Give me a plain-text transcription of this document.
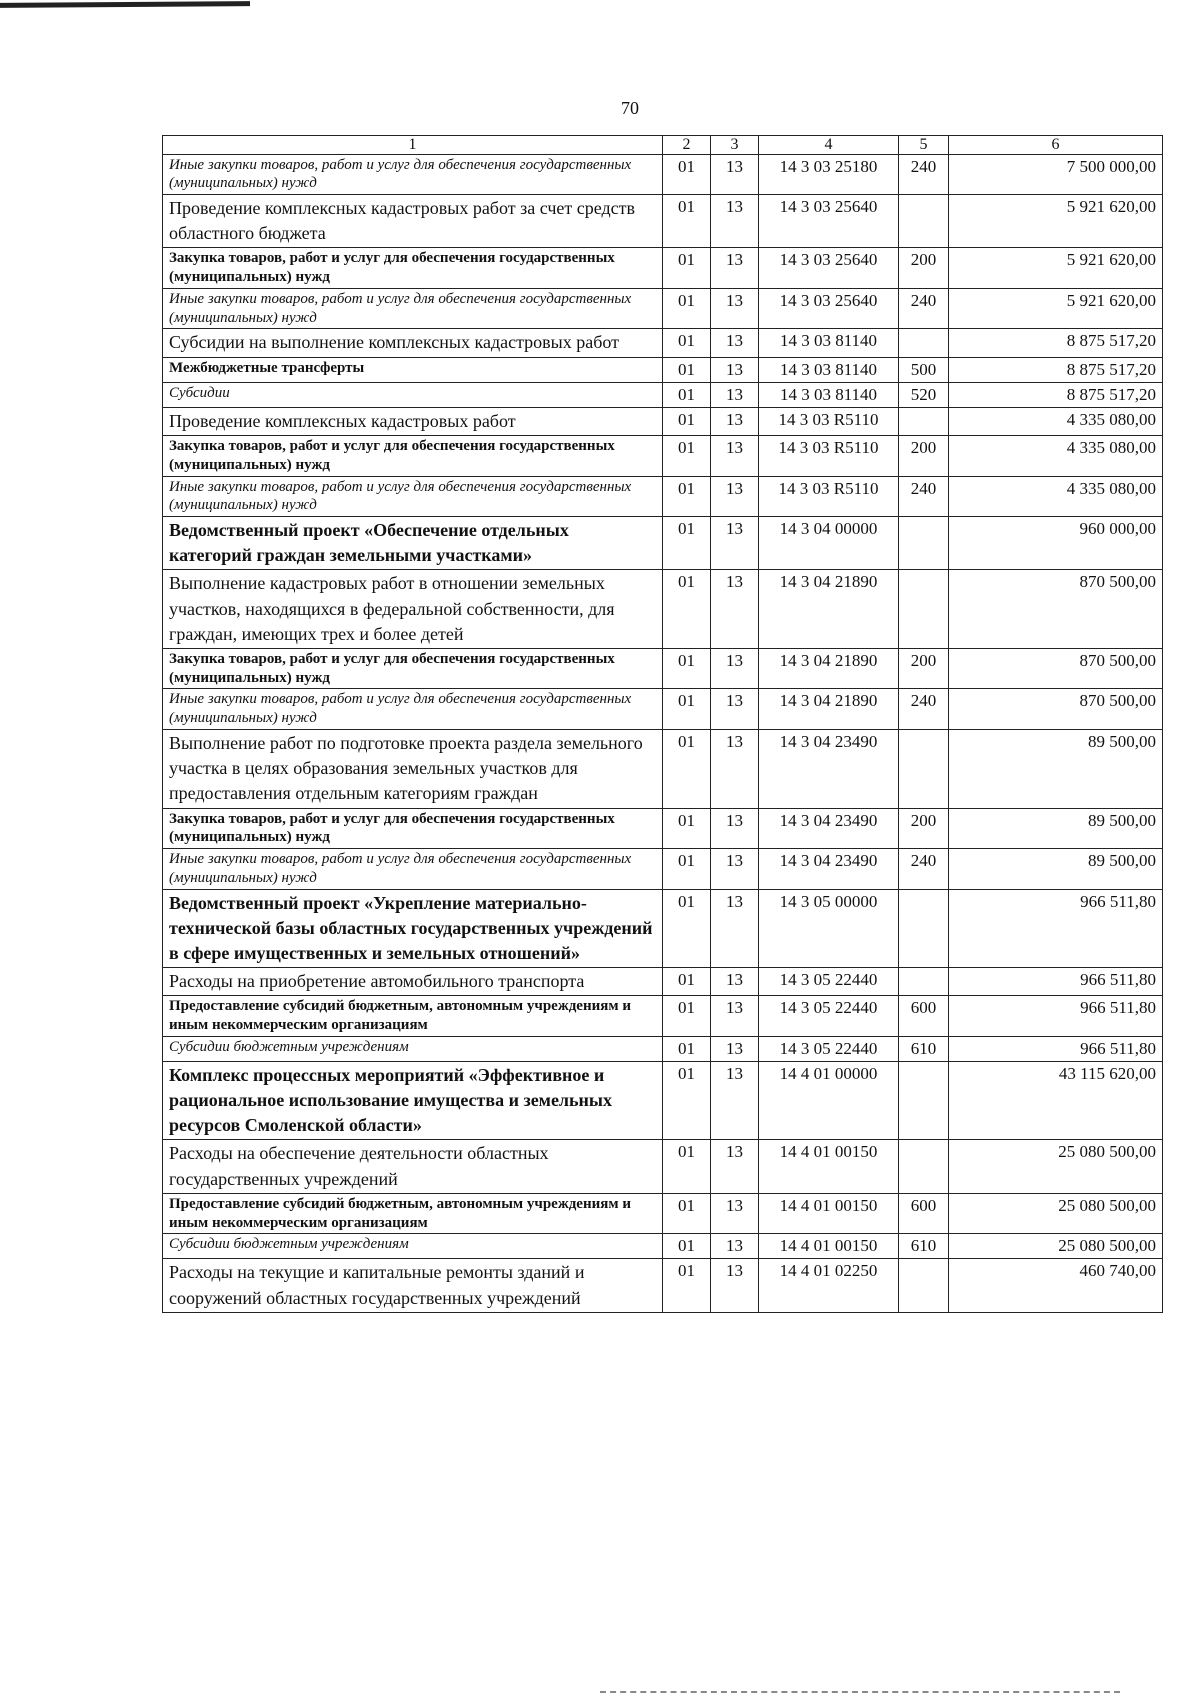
70
1	2	3	4	5	6
Иные закупки товаров, работ и услуг для обеспечения государственных (муниципальных) нужд	01	13	14 3 03 25180	240	7 500 000,00
Проведение комплексных кадастровых работ за счет средств областного бюджета	01	13	14 3 03 25640		5 921 620,00
Закупка товаров, работ и услуг для обеспечения государственных (муниципальных) нужд	01	13	14 3 03 25640	200	5 921 620,00
Иные закупки товаров, работ и услуг для обеспечения государственных (муниципальных) нужд	01	13	14 3 03 25640	240	5 921 620,00
Субсидии на выполнение комплексных кадастровых работ	01	13	14 3 03 81140		8 875 517,20
Межбюджетные трансферты	01	13	14 3 03 81140	500	8 875 517,20
Субсидии	01	13	14 3 03 81140	520	8 875 517,20
Проведение комплексных кадастровых работ	01	13	14 3 03 R5110		4 335 080,00
Закупка товаров, работ и услуг для обеспечения государственных (муниципальных) нужд	01	13	14 3 03 R5110	200	4 335 080,00
Иные закупки товаров, работ и услуг для обеспечения государственных (муниципальных) нужд	01	13	14 3 03 R5110	240	4 335 080,00
Ведомственный проект «Обеспечение отдельных категорий граждан земельными участками»	01	13	14 3 04 00000		960 000,00
Выполнение кадастровых работ в отношении земельных участков, находящихся в федеральной собственности, для граждан, имеющих трех и более детей	01	13	14 3 04 21890		870 500,00
Закупка товаров, работ и услуг для обеспечения государственных (муниципальных) нужд	01	13	14 3 04 21890	200	870 500,00
Иные закупки товаров, работ и услуг для обеспечения государственных (муниципальных) нужд	01	13	14 3 04 21890	240	870 500,00
Выполнение работ по подготовке проекта раздела земельного участка в целях образования земельных участков для предоставления отдельным категориям граждан	01	13	14 3 04 23490		89 500,00
Закупка товаров, работ и услуг для обеспечения государственных (муниципальных) нужд	01	13	14 3 04 23490	200	89 500,00
Иные закупки товаров, работ и услуг для обеспечения государственных (муниципальных) нужд	01	13	14 3 04 23490	240	89 500,00
Ведомственный проект «Укрепление материально-технической базы областных государственных учреждений в сфере имущественных и земельных отношений»	01	13	14 3 05 00000		966 511,80
Расходы на приобретение автомобильного транспорта	01	13	14 3 05 22440		966 511,80
Предоставление субсидий бюджетным, автономным учреждениям и иным некоммерческим организациям	01	13	14 3 05 22440	600	966 511,80
Субсидии бюджетным учреждениям	01	13	14 3 05 22440	610	966 511,80
Комплекс процессных мероприятий «Эффективное и рациональное использование имущества и земельных ресурсов Смоленской области»	01	13	14 4 01 00000		43 115 620,00
Расходы на обеспечение деятельности областных государственных учреждений	01	13	14 4 01 00150		25 080 500,00
Предоставление субсидий бюджетным, автономным учреждениям и иным некоммерческим организациям	01	13	14 4 01 00150	600	25 080 500,00
Субсидии бюджетным учреждениям	01	13	14 4 01 00150	610	25 080 500,00
Расходы на текущие и капитальные ремонты зданий и сооружений областных государственных учреждений	01	13	14 4 01 02250		460 740,00
